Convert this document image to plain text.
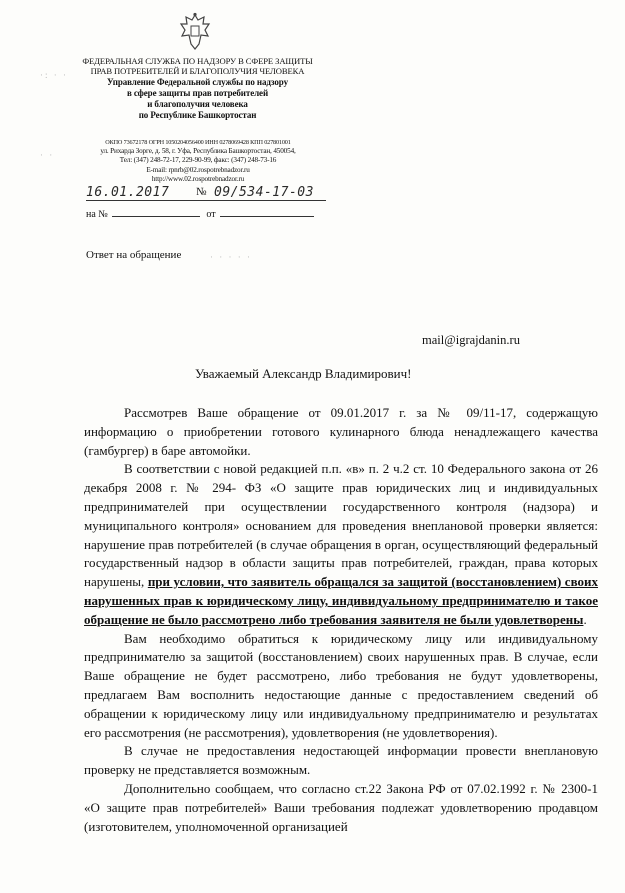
ФЕДЕРАЛЬНАЯ СЛУЖБА ПО НАДЗОРУ В СФЕРЕ ЗАЩИТЫ
ПРАВ ПОТРЕБИТЕЛЕЙ И БЛАГОПОЛУЧИЯ ЧЕЛОВЕКА
Управление Федеральной службы по надзору
в сфере защиты прав потребителей
и благополучия человека
по Республике Башкортостан
ОКПО 73672178 ОГРН 1050204056400 ИНН 0278069428 КПП 027801001
ул. Рихарда Зорге, д. 58, г. Уфа, Республика Башкортостан, 450054,
Тел: (347) 248-72-17, 229-90-99, факс: (347) 248-73-16
E-mail: rpnrb@02.rospotrebnadzor.ru
http://www.02.rospotrebnadzor.ru
16.01.2017 № 09/534-17-03
на №	от
·: · ·
· ·
· · · · ·
Ответ на обращение
mail@igrajdanin.ru
Уважаемый Александр Владимирович!

Рассмотрев Ваше обращение от 09.01.2017 г. за № 09/11-17, содержащую информацию о приобретении готового кулинарного блюда ненадлежащего качества (гамбургер) в баре автомойки.

В соответствии с новой редакцией п.п. «в» п. 2 ч.2 ст. 10 Федерального закона от 26 декабря 2008 г. № 294- ФЗ «О защите прав юридических лиц и индивидуальных предпринимателей при осуществлении государственного контроля (надзора) и муниципального контроля» основанием для проведения внеплановой проверки является: нарушение прав потребителей (в случае обращения в орган, осуществляющий федеральный государственный надзор в области защиты прав потребителей, граждан, права которых нарушены, при условии, что заявитель обращался за защитой (восстановлением) своих нарушенных прав к юридическому лицу, индивидуальному предпринимателю и такое обращение не было рассмотрено либо требования заявителя не были удовлетворены.

Вам необходимо обратиться к юридическому лицу или индивидуальному предпринимателю за защитой (восстановлением) своих нарушенных прав. В случае, если Ваше обращение не будет рассмотрено, либо требования не будут удовлетворены, предлагаем Вам восполнить недостающие данные с предоставлением сведений об обращении к юридическому лицу или индивидуальному предпринимателю и результатах его рассмотрения (не рассмотрения), удовлетворения (не удовлетворения).

В случае не предоставления недостающей информации провести внеплановую проверку не представляется возможным.

Дополнительно сообщаем, что согласно ст.22 Закона РФ от 07.02.1992 г. № 2300-1 «О защите прав потребителей» Ваши требования подлежат удовлетворению продавцом (изготовителем, уполномоченной организацией
